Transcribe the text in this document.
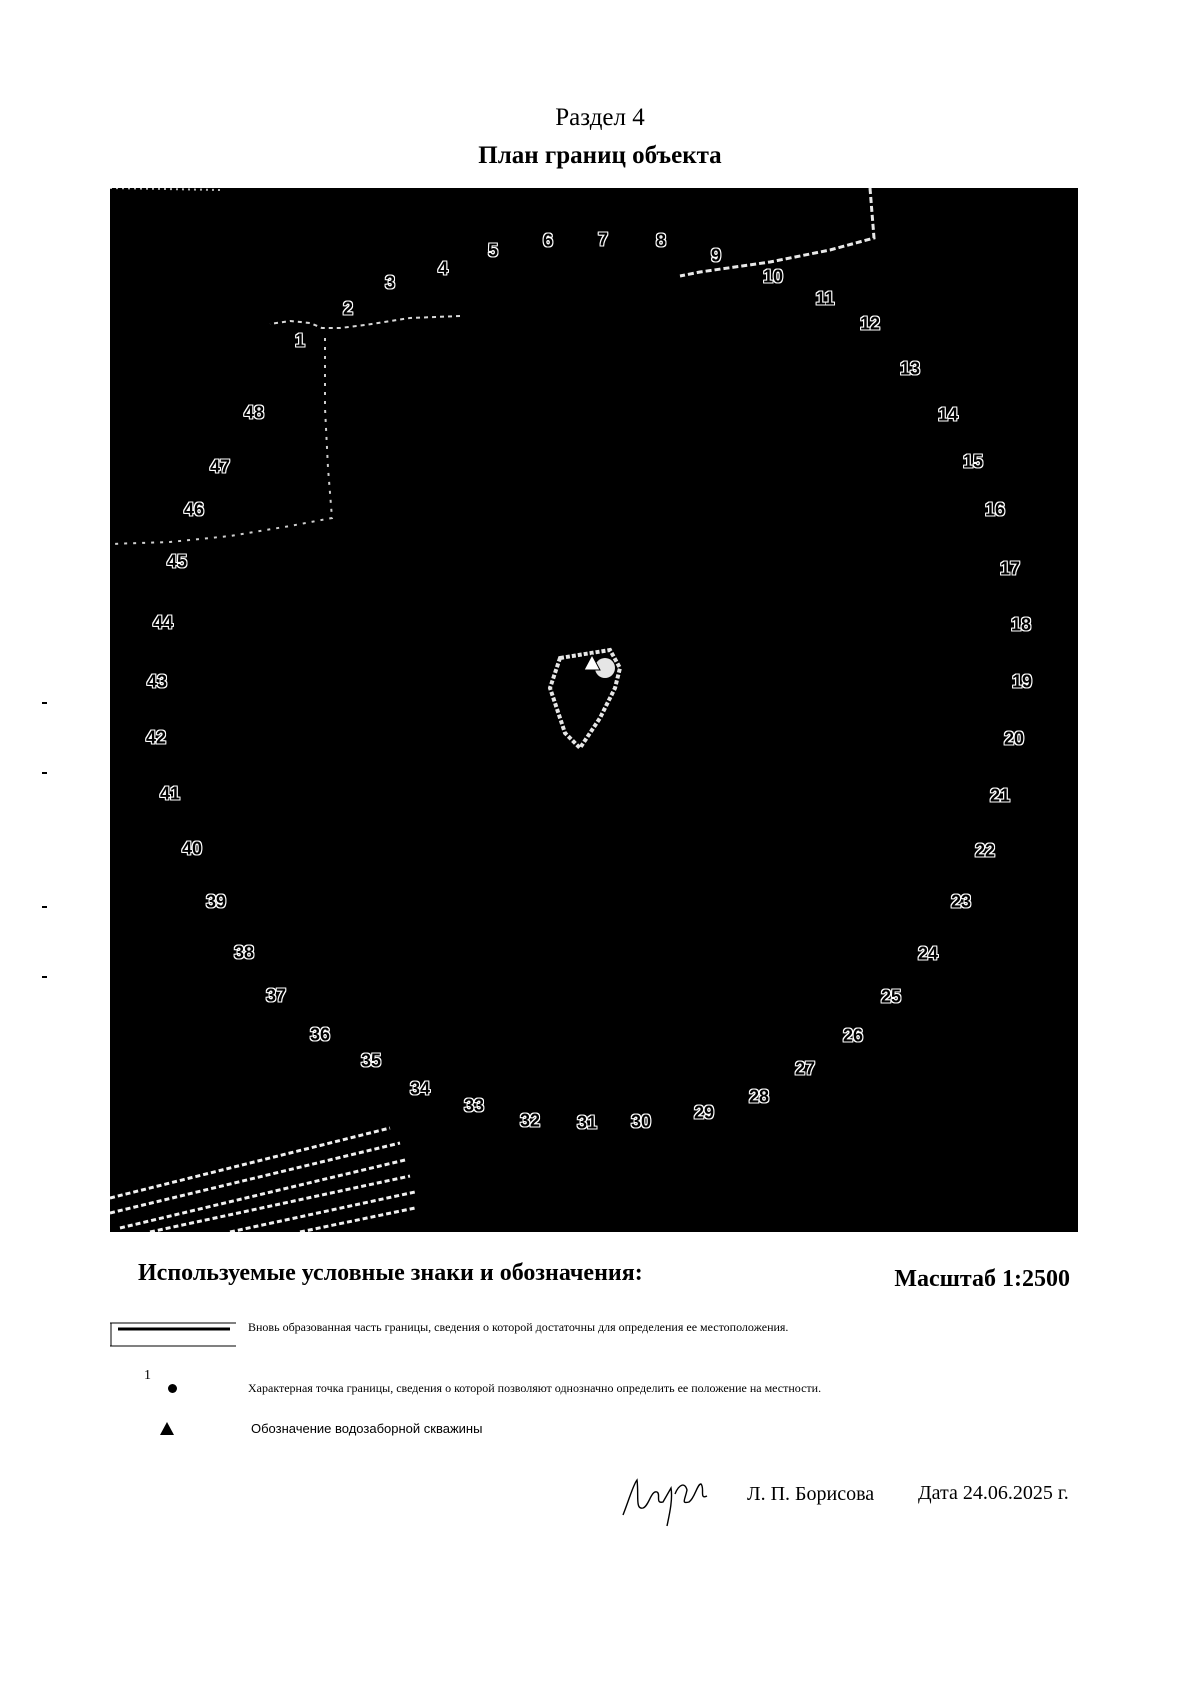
Раздел 4
План границ объекта
1
2
3
4
5 6 7	8
9
10
11
12
13
14
15
16
17
18
19
20
21
22
23
24
25
26
27
28
29
30
31
32
33
34
35
36
37
38
39
40
41
42
43
44
45
46
47
48
Используемые условные знаки и обозначения:	Масштаб 1:2500
Вновь образованная часть границы, сведения о которой достаточны для определения ее местоположения.
1
Характерная точка границы, сведения о которой позволяют однозначно определить ее положение на местности.
Обозначение водозаборной скважины
Л. П. Борисова Дата 24.06.2025 г.
